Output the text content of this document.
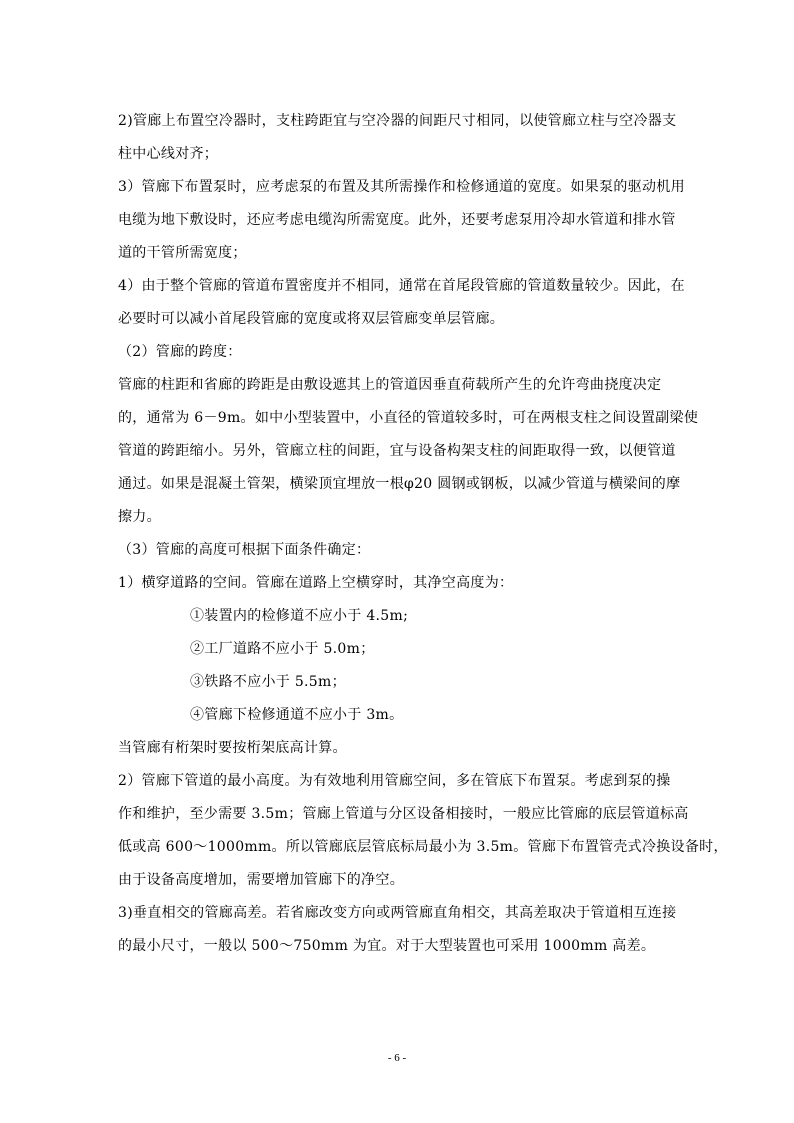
2)管廊上布置空冷器时，支柱跨距宜与空冷器的间距尺寸相同，以使管廊立柱与空冷器支
柱中心线对齐；
3）管廊下布置泵时，应考虑泵的布置及其所需操作和检修通道的宽度。如果泵的驱动机用
电缆为地下敷设时，还应考虑电缆沟所需宽度。此外，还要考虑泵用冷却水管道和排水管
道的干管所需宽度；
4）由于整个管廊的管道布置密度并不相同，通常在首尾段管廊的管道数量较少。因此，在
必要时可以减小首尾段管廊的宽度或将双层管廊变单层管廊。
（2）管廊的跨度：
管廊的柱距和省廊的跨距是由敷设遮其上的管道因垂直荷载所产生的允许弯曲挠度决定
的，通常为 6－9m。如中小型装置中，小直径的管道较多时，可在两根支柱之间设置副梁使
管道的跨距缩小。另外，管廊立柱的间距，宜与设备构架支柱的间距取得一致，以便管道
通过。如果是混凝土管架，横梁顶宜埋放一根φ20 圆钢或钢板，以减少管道与横梁间的摩
擦力。
（3）管廊的高度可根据下面条件确定：
1）横穿道路的空间。管廊在道路上空横穿时，其净空高度为：
①装置内的检修道不应小于 4.5m;
②工厂道路不应小于 5.0m；
③铁路不应小于 5.5m；
④管廊下检修通道不应小于 3m。
当管廊有桁架时要按桁架底高计算。
2）管廊下管道的最小高度。为有效地利用管廊空间，多在管底下布置泵。考虑到泵的操
作和维护，至少需要 3.5m；管廊上管道与分区设备相接时，一般应比管廊的底层管道标高
低或高 600～1000mm。所以管廊底层管底标局最小为 3.5m。管廊下布置管壳式冷换设备时，
由于设备高度增加，需要增加管廊下的净空。
3)垂直相交的管廊高差。若省廊改变方向或两管廊直角相交，其高差取决于管道相互连接
的最小尺寸，一般以 500～750mm 为宜。对于大型装置也可采用 1000mm 高差。
- 6 -
